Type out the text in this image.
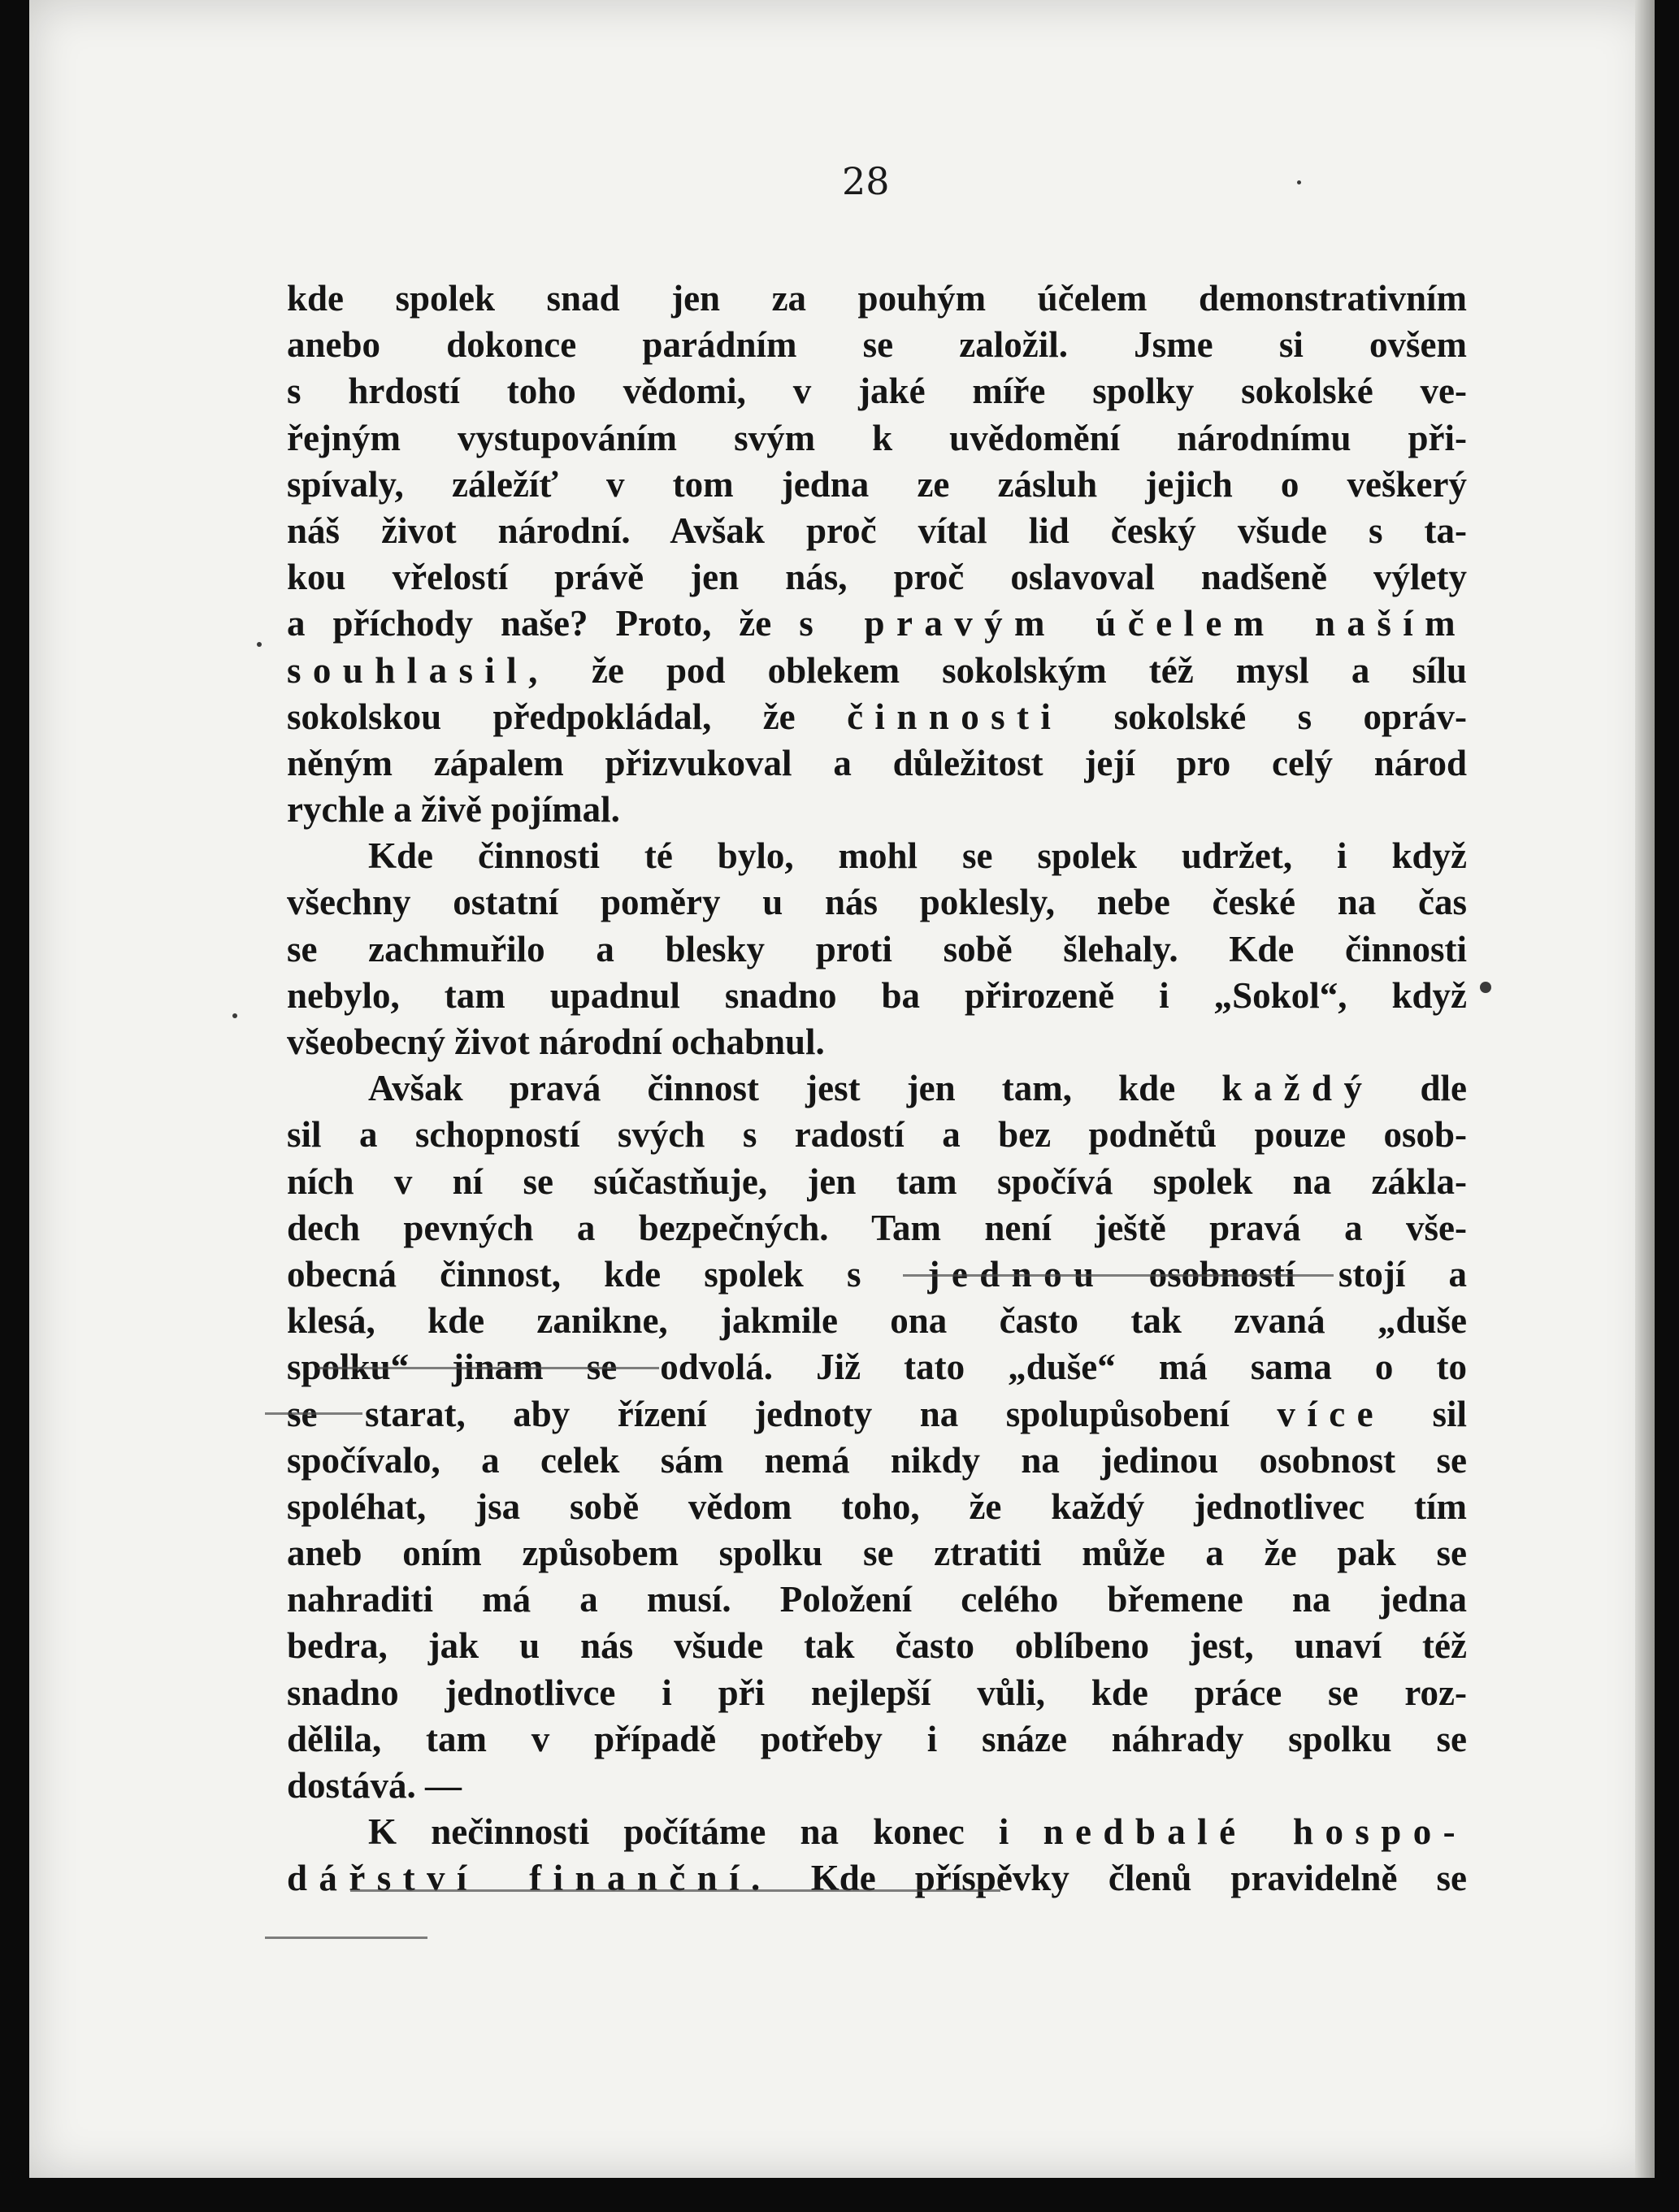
28

kde spolek snad jen za pouhým účelem demonstrativním
anebo dokonce parádním se založil. Jsme si ovšem
s hrdostí toho vědomi, v jaké míře spolky sokolské ve-
řejným vystupováním svým k uvědomění národnímu při-
spívaly, záležíť v tom jedna ze zásluh jejich o veškerý
náš život národní. Avšak proč vítal lid český všude s ta-
kou vřelostí právě jen nás, proč oslavoval nadšeně výlety
a příchody naše? Proto, že s pravým účelem naším
souhlasil, že pod oblekem sokolským též mysl a sílu
sokolskou předpokládal, že činnosti sokolské s opráv-
něným zápalem přizvukoval a důležitost její pro celý národ
rychle a živě pojímal.
Kde činnosti té bylo, mohl se spolek udržet, i když
všechny ostatní poměry u nás poklesly, nebe české na čas
se zachmuřilo a blesky proti sobě šlehaly. Kde činnosti
nebylo, tam upadnul snadno ba přirozeně i „Sokol“, když
všeobecný život národní ochabnul.
Avšak pravá činnost jest jen tam, kde každý dle
sil a schopností svých s radostí a bez podnětů pouze osob-
ních v ní se súčastňuje, jen tam spočívá spolek na zákla-
dech pevných a bezpečných. Tam není ještě pravá a vše-
obecná činnost, kde spolek s jednou osobností stojí a
klesá, kde zanikne, jakmile ona často tak zvaná „duše
spolku“ jinam se odvolá. Již tato „duše“ má sama o to
se starat, aby řízení jednoty na spolupůsobení více sil
spočívalo, a celek sám nemá nikdy na jedinou osobnost se
spoléhat, jsa sobě vědom toho, že každý jednotlivec tím
aneb oním způsobem spolku se ztratiti může a že pak se
nahraditi má a musí. Položení celého břemene na jedna
bedra, jak u nás všude tak často oblíbeno jest, unaví též
snadno jednotlivce i při nejlepší vůli, kde práce se roz-
dělila, tam v případě potřeby i snáze náhrady spolku se
dostává. —
K nečinnosti počítáme na konec i nedbalé hospo-
dářství finanční. Kde příspěvky členů pravidelně se
